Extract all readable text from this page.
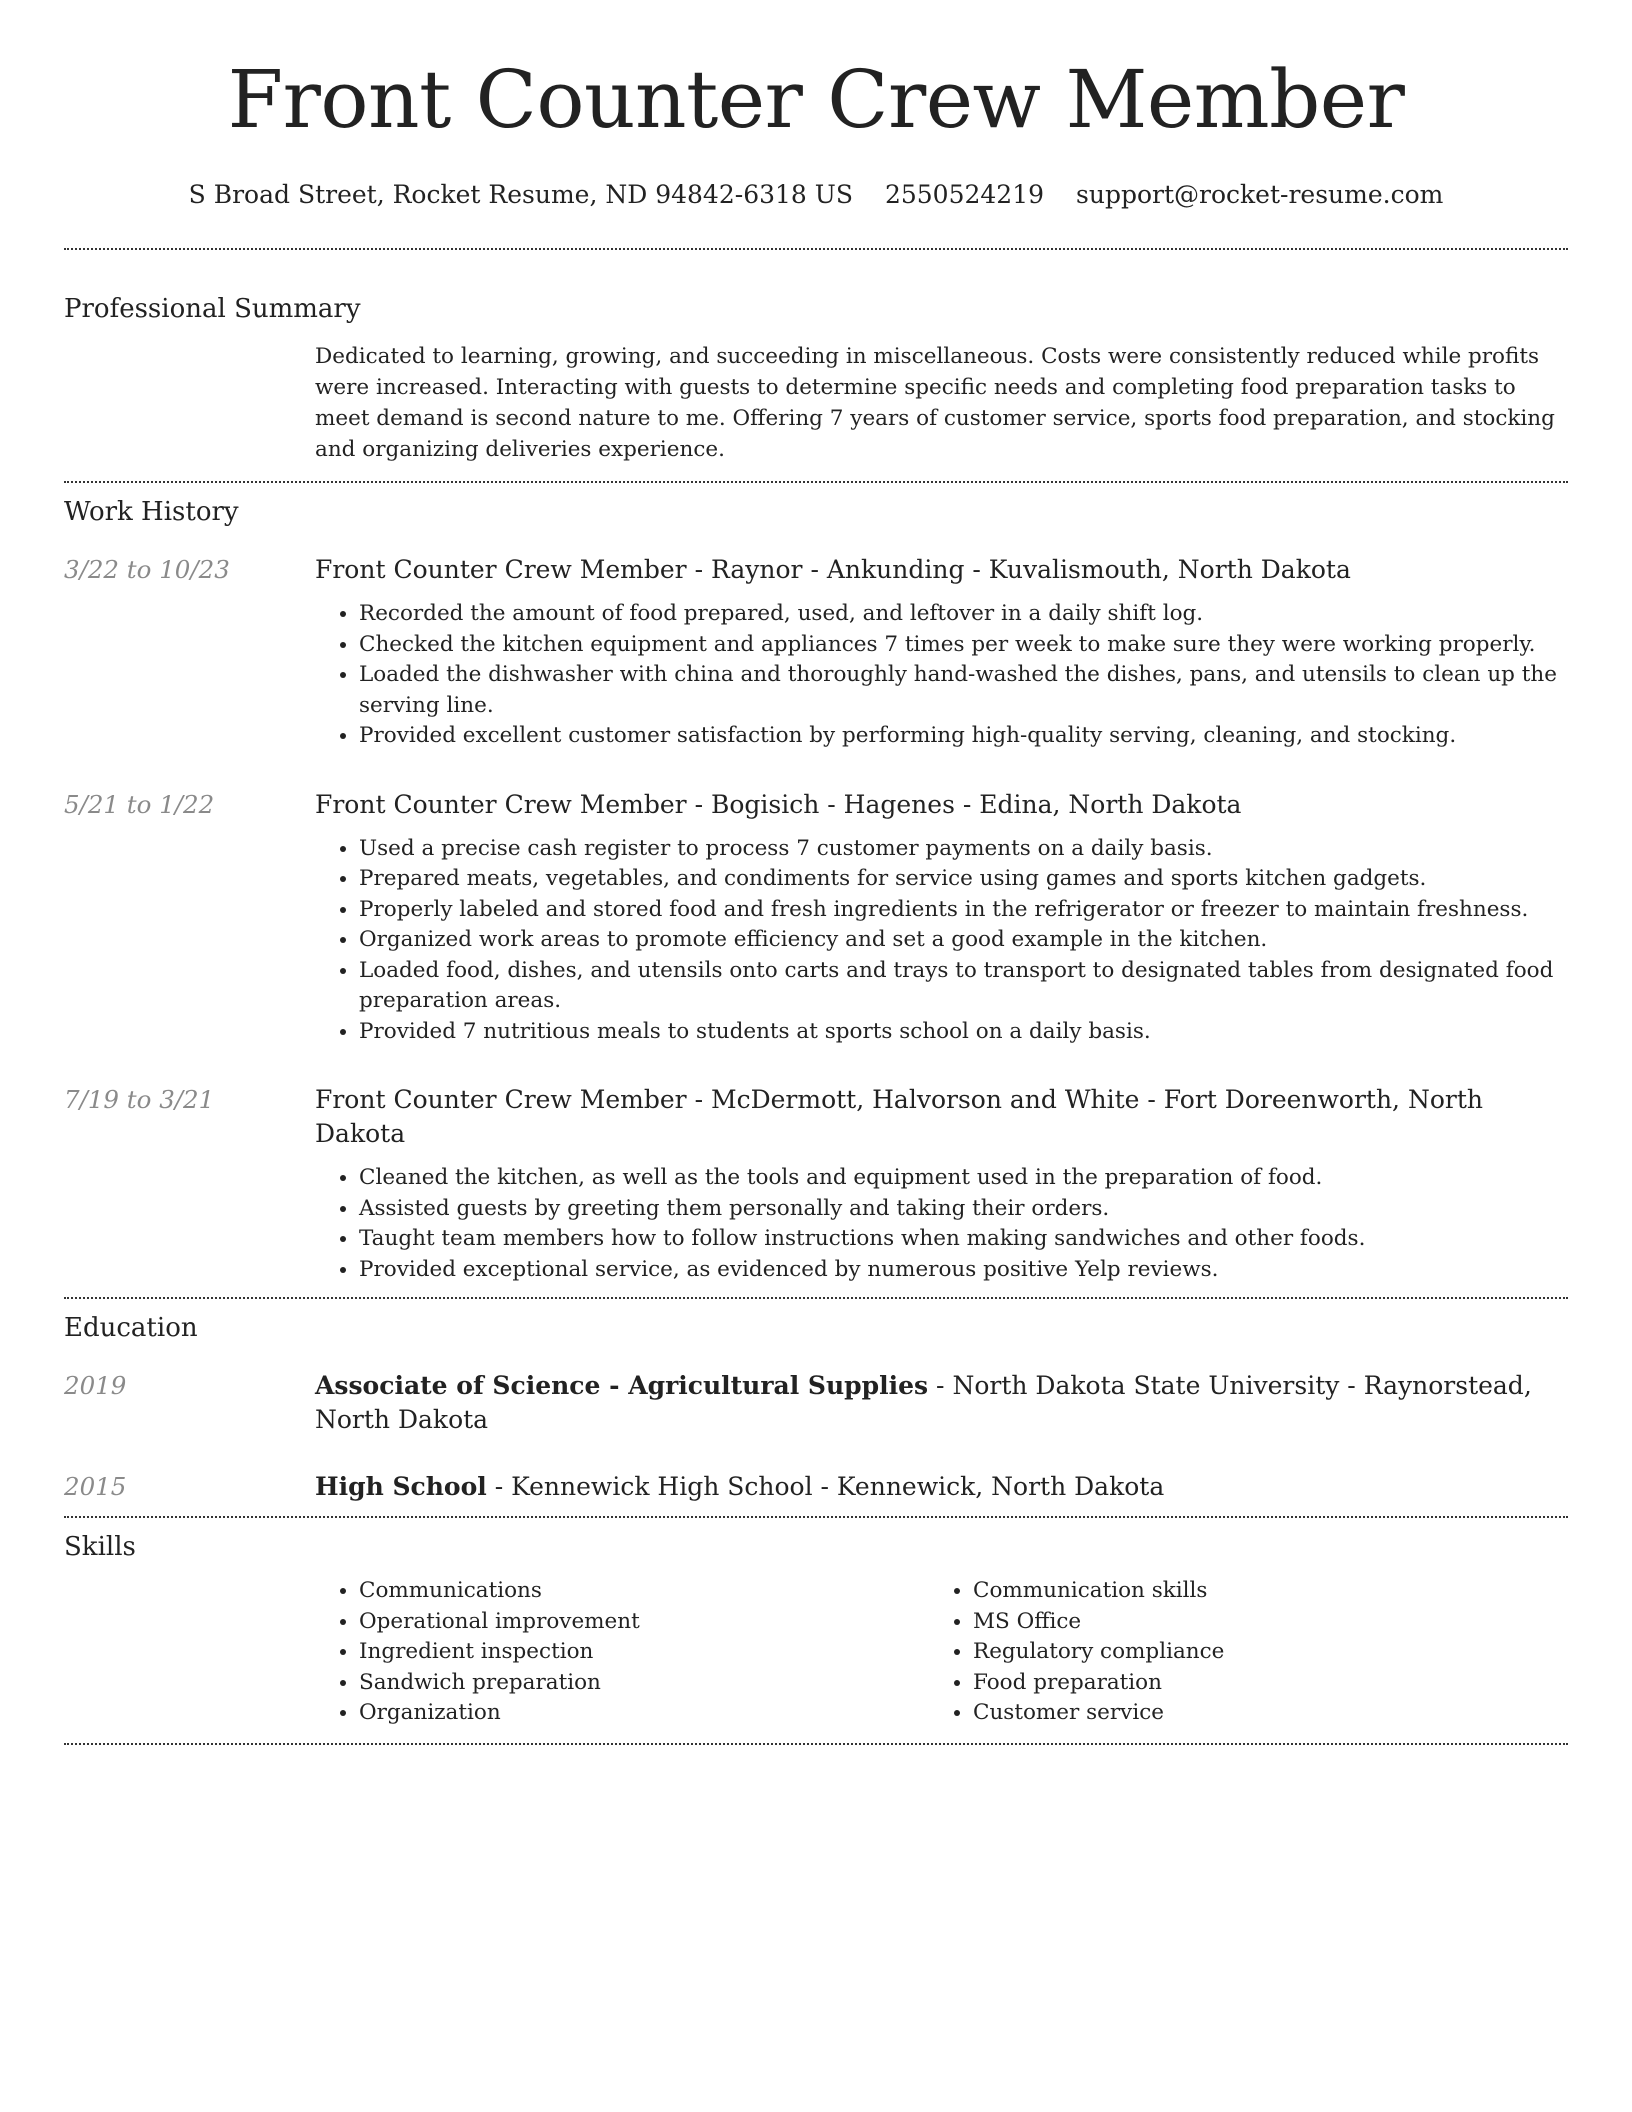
Front Counter Crew Member
S Broad Street, Rocket Resume, ND 94842-6318 US 2550524219 support@rocket-resume.com
Professional Summary

Dedicated to learning, growing, and succeeding in miscellaneous. Costs were consistently reduced while profits were increased. Interacting with guests to determine specific needs and completing food preparation tasks to meet demand is second nature to me. Offering 7 years of customer service, sports food preparation, and stocking and organizing deliveries experience.

Work History
3/22 to 10/23	Front Counter Crew Member - Raynor - Ankunding - Kuvalismouth, North Dakota
• Recorded the amount of food prepared, used, and leftover in a daily shift log.
• Checked the kitchen equipment and appliances 7 times per week to make sure they were working properly.
• Loaded the dishwasher with china and thoroughly hand-washed the dishes, pans, and utensils to clean up the serving line.
• Provided excellent customer satisfaction by performing high-quality serving, cleaning, and stocking.
5/21 to 1/22	Front Counter Crew Member - Bogisich - Hagenes - Edina, North Dakota
• Used a precise cash register to process 7 customer payments on a daily basis.
• Prepared meats, vegetables, and condiments for service using games and sports kitchen gadgets.
• Properly labeled and stored food and fresh ingredients in the refrigerator or freezer to maintain freshness.
• Organized work areas to promote efficiency and set a good example in the kitchen.
• Loaded food, dishes, and utensils onto carts and trays to transport to designated tables from designated food preparation areas.
• Provided 7 nutritious meals to students at sports school on a daily basis.
7/19 to 3/21	Front Counter Crew Member - McDermott, Halvorson and White - Fort Doreenworth, North Dakota
• Cleaned the kitchen, as well as the tools and equipment used in the preparation of food.
• Assisted guests by greeting them personally and taking their orders.
• Taught team members how to follow instructions when making sandwiches and other foods.
• Provided exceptional service, as evidenced by numerous positive Yelp reviews.
Education
2019	Associate of Science - Agricultural Supplies - North Dakota State University - Raynorstead, North Dakota
2015	High School - Kennewick High School - Kennewick, North Dakota
Skills
• Communications
• Operational improvement
• Ingredient inspection
• Sandwich preparation
• Organization
• Communication skills
• MS Office
• Regulatory compliance
• Food preparation
• Customer service
